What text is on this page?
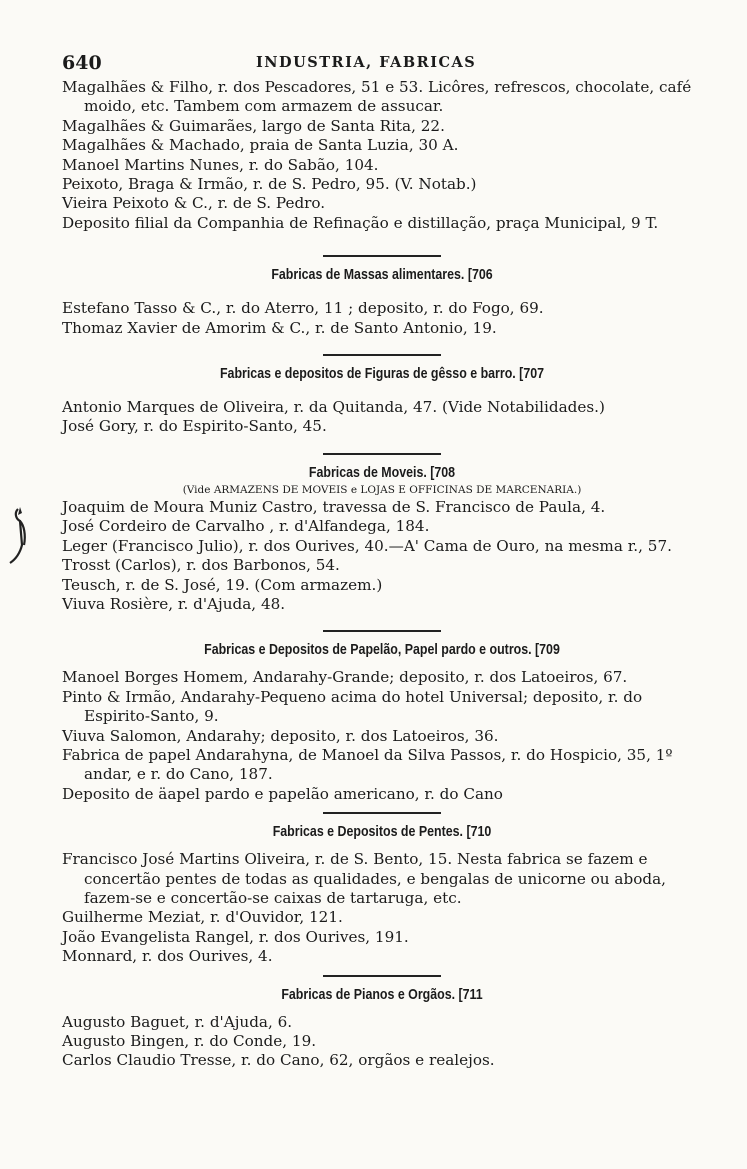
640	INDUSTRIA, FABRICAS
Magalhães & Filho, r. dos Pescadores, 51 e 53. Licôres, refrescos, chocolate, café moido, etc. Tambem com armazem de assucar.
Magalhães & Guimarães, largo de Santa Rita, 22.
Magalhães & Machado, praia de Santa Luzia, 30 A.
Manoel Martins Nunes, r. do Sabão, 104.
Peixoto, Braga & Irmão, r. de S. Pedro, 95. (V. Notab.)
Vieira Peixoto & C., r. de S. Pedro.
Deposito filial da Companhia de Refinação e distillação, praça Municipal, 9 T.
Fabricas de Massas alimentares. [706
Estefano Tasso & C., r. do Aterro, 11 ; deposito, r. do Fogo, 69.
Thomaz Xavier de Amorim & C., r. de Santo Antonio, 19.
Fabricas e depositos de Figuras de gêsso e barro. [707
Antonio Marques de Oliveira, r. da Quitanda, 47. (Vide Notabilidades.)
José Gory, r. do Espirito-Santo, 45.
Fabricas de Moveis. [708
(Vide ARMAZENS DE MOVEIS e LOJAS E OFFICINAS DE MARCENARIA.)
Joaquim de Moura Muniz Castro, travessa de S. Francisco de Paula, 4.
José Cordeiro de Carvalho , r. d'Alfandega, 184.
Leger (Francisco Julio), r. dos Ourives, 40.—A' Cama de Ouro, na mesma r., 57.
Trosst (Carlos), r. dos Barbonos, 54.
Teusch, r. de S. José, 19. (Com armazem.)
Viuva Rosière, r. d'Ajuda, 48.
Fabricas e Depositos de Papelão, Papel pardo e outros. [709
Manoel Borges Homem, Andarahy-Grande; deposito, r. dos Latoeiros, 67.
Pinto & Irmão, Andarahy-Pequeno acima do hotel Universal; deposito, r. do Espirito-Santo, 9.
Viuva Salomon, Andarahy; deposito, r. dos Latoeiros, 36.
Fabrica de papel Andarahyna, de Manoel da Silva Passos, r. do Hospicio, 35, 1º andar, e r. do Cano, 187.
Deposito de äapel pardo e papelão americano, r. do Cano
Fabricas e Depositos de Pentes. [710
Francisco José Martins Oliveira, r. de S. Bento, 15. Nesta fabrica se fazem e concertão pentes de todas as qualidades, e bengalas de unicorne ou aboda, fazem-se e concertão-se caixas de tartaruga, etc.
Guilherme Meziat, r. d'Ouvidor, 121.
João Evangelista Rangel, r. dos Ourives, 191.
Monnard, r. dos Ourives, 4.
Fabricas de Pianos e Orgãos. [711
Augusto Baguet, r. d'Ajuda, 6.
Augusto Bingen, r. do Conde, 19.
Carlos Claudio Tresse, r. do Cano, 62, orgãos e realejos.
